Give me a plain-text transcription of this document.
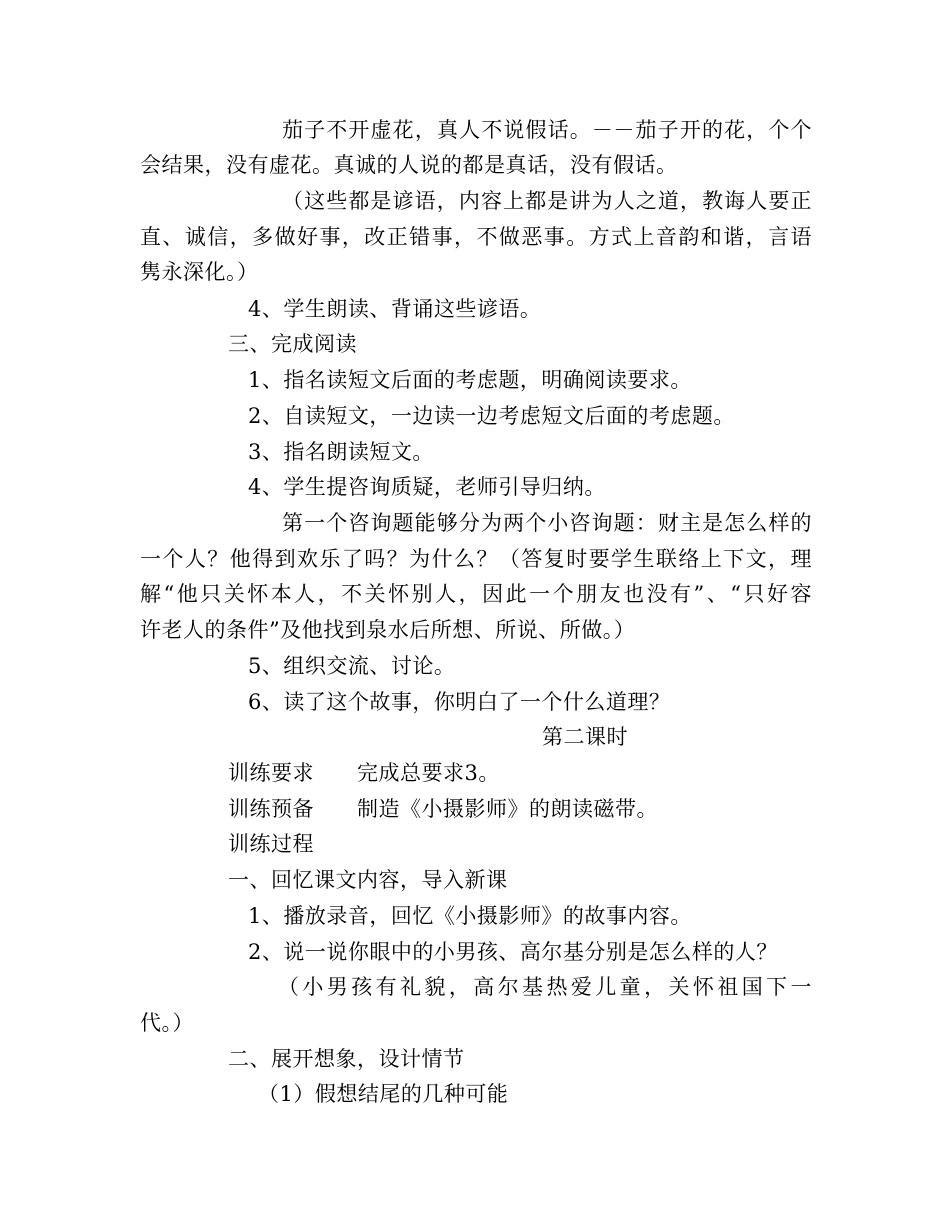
茄子不开虚花，真人不说假话。－－茄子开的花，个个
会结果，没有虚花。真诚的人说的都是真话，没有假话。
（这些都是谚语，内容上都是讲为人之道，教诲人要正
直、诚信，多做好事，改正错事，不做恶事。方式上音韵和谐，言语
隽永深化。）
4、学生朗读、背诵这些谚语。
三、完成阅读
1、指名读短文后面的考虑题，明确阅读要求。
2、自读短文，一边读一边考虑短文后面的考虑题。
3、指名朗读短文。
4、学生提咨询质疑，老师引导归纳。
第一个咨询题能够分为两个小咨询题：财主是怎么样的
一个人？他得到欢乐了吗？为什么？（答复时要学生联络上下文，理
解“他只关怀本人，不关怀别人，因此一个朋友也没有”、“只好容
许老人的条件”及他找到泉水后所想、所说、所做。）
5、组织交流、讨论。
6、读了这个故事，你明白了一个什么道理？
第二课时
训练要求 完成总要求3。
训练预备 制造《小摄影师》的朗读磁带。
训练过程
一、回忆课文内容，导入新课
1、播放录音，回忆《小摄影师》的故事内容。
2、说一说你眼中的小男孩、高尔基分别是怎么样的人？
（小男孩有礼貌，高尔基热爱儿童，关怀祖国下一
代。）
二、展开想象，设计情节
（1）假想结尾的几种可能
